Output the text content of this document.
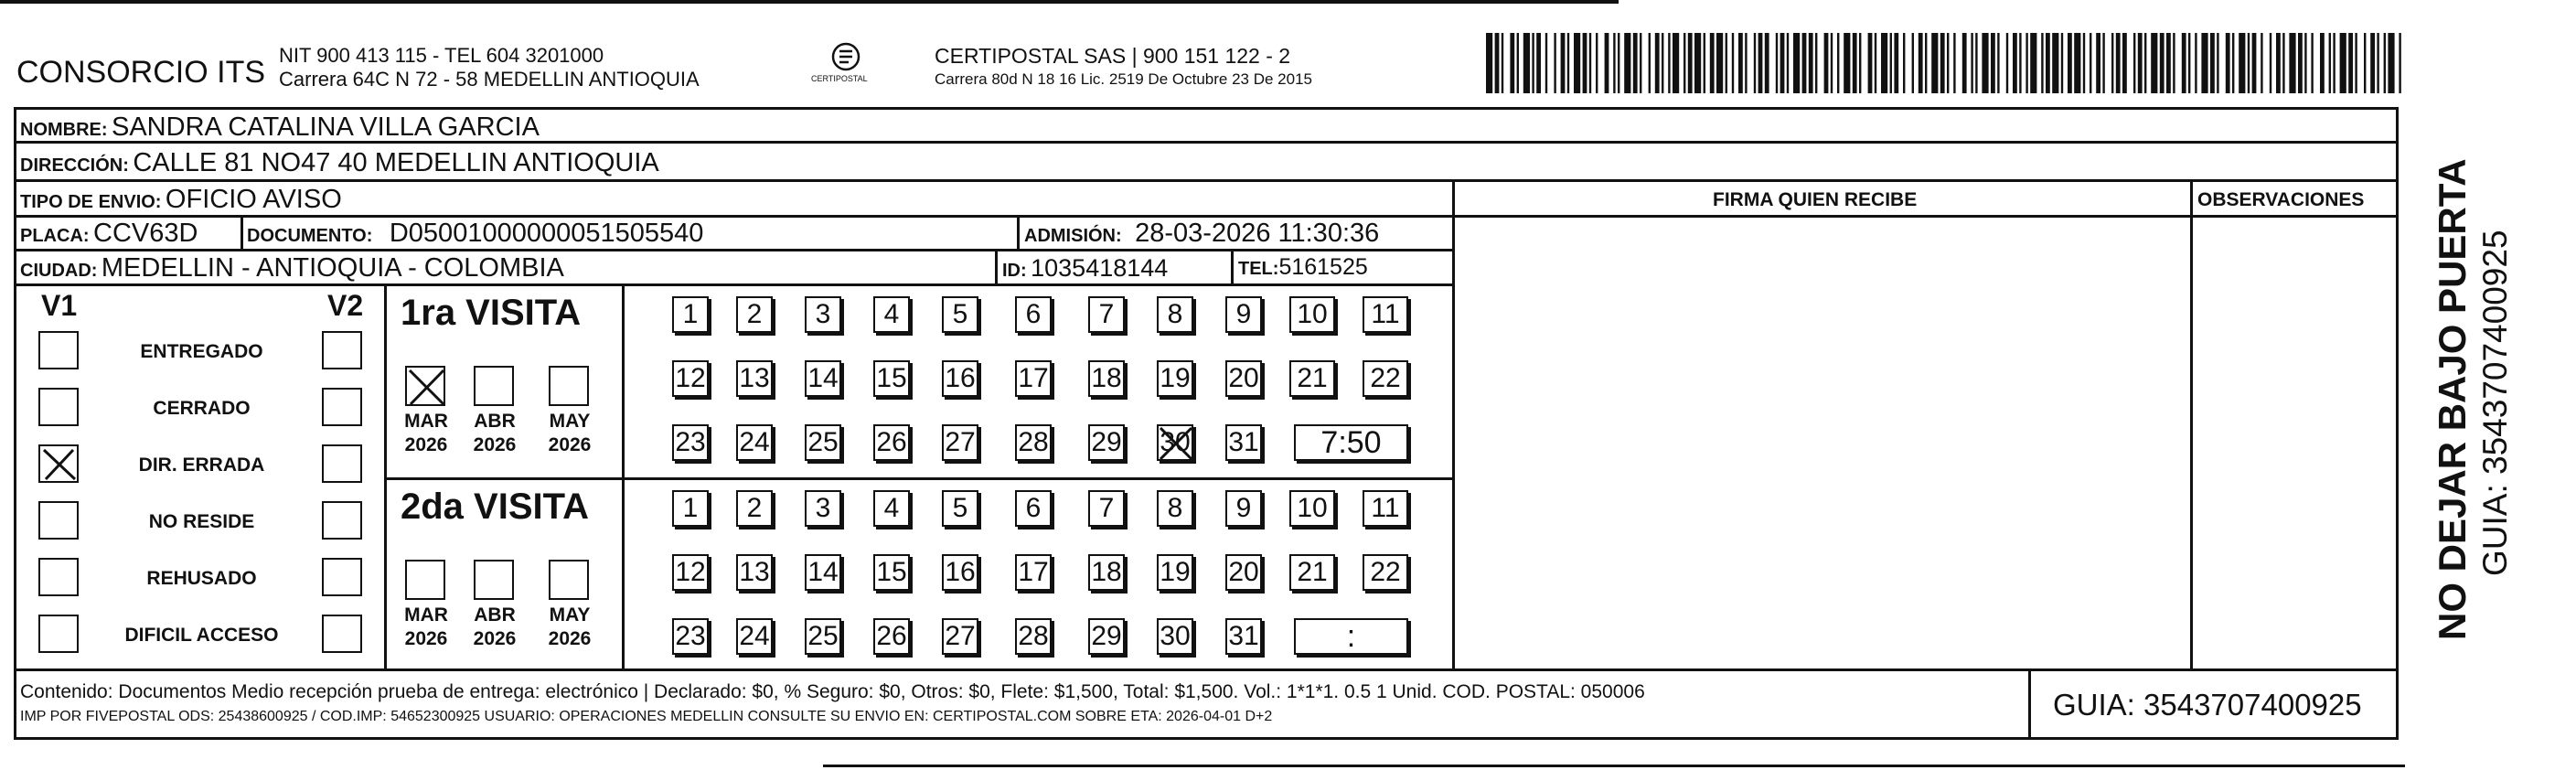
CONSORCIO ITS NIT 900 413 115 - TEL 604 3201000
Carrera 64C N 72 - 58 MEDELLIN ANTIOQUIA	CERTIPOSTAL
CERTIPOSTAL SAS | 900 151 122 - 2
Carrera 80d N 18 16 Lic. 2519 De Octubre 23 De 2015
NOMBRE: SANDRA CATALINA VILLA GARCIA
DIRECCIÓN: CALLE 81 NO47 40 MEDELLIN ANTIOQUIA
TIPO DE ENVIO: OFICIO AVISO	FIRMA QUIEN RECIBE	OBSERVACIONES
PLACA: CCV63D	DOCUMENTO: D05001000000051505540	ADMISIÓN: 28-03-2026 11:30:36
CIUDAD: MEDELLIN - ANTIOQUIA - COLOMBIA	ID: 1035418144	TEL:5161525
V1	V2
ENTREGADO
CERRADO
DIR. ERRADA
NO RESIDE
REHUSADO
DIFICIL ACCESO
1ra VISITA
MAR
2026
ABR
2026
MAY
2026
1	2	3	4	5	6	7	8	9	10	11
12 13 14 15 16 17 18 19 20 21 22
23 24 25 26 27 28 29 30 31	7:50
2da VISITA
MAR
2026
ABR
2026
MAY
2026
1	2	3	4	5	6	7	8	9	10	11
12 13 14 15 16 17 18 19 20 21 22
23 24 25 26 27 28 29 30 31	:
Contenido: Documentos Medio recepción prueba de entrega: electrónico | Declarado: $0, % Seguro: $0, Otros: $0, Flete: $1,500, Total: $1,500. Vol.: 1*1*1. 0.5 1 Unid. COD. POSTAL: 050006
IMP POR FIVEPOSTAL ODS: 25438600925 / COD.IMP: 54652300925 USUARIO: OPERACIONES MEDELLIN CONSULTE SU ENVIO EN: CERTIPOSTAL.COM SOBRE ETA: 2026-04-01 D+2	GUIA: 3543707400925
NO DEJAR BAJO PUERTA GUIA: 3543707400925
